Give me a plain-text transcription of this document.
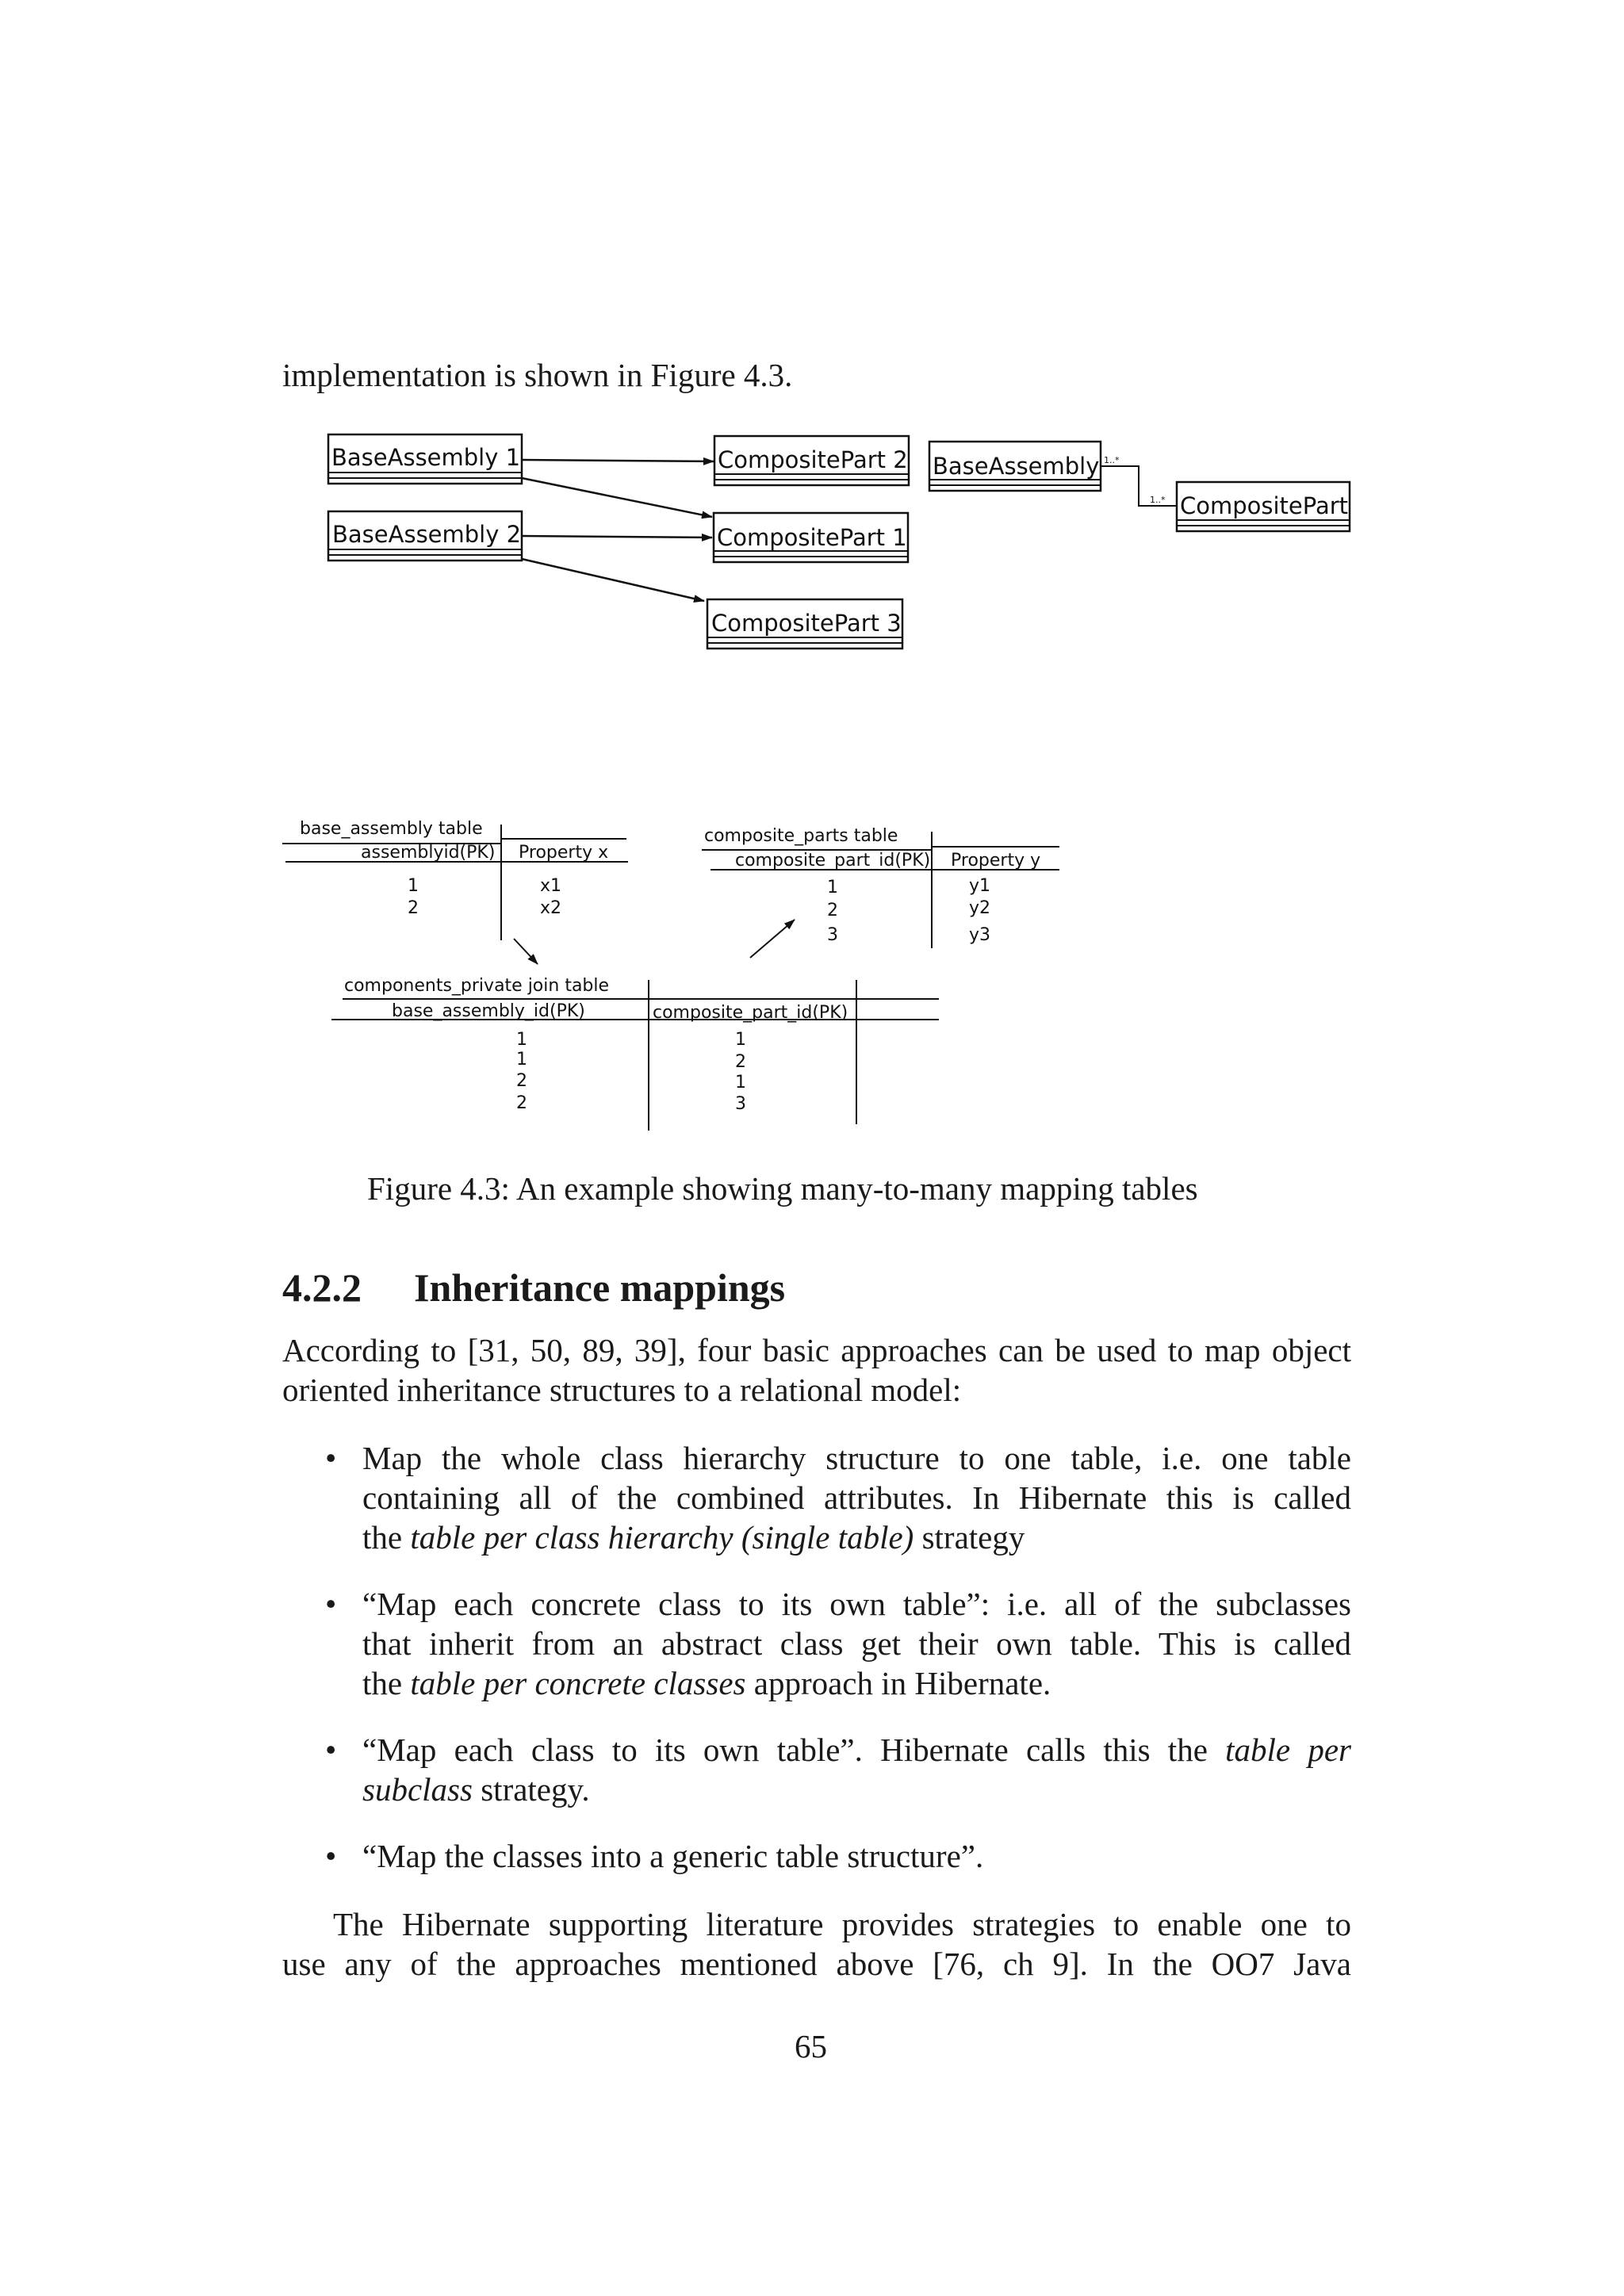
implementation is shown in Figure 4.3.
BaseAssembly 1
BaseAssembly 2
CompositePart 2
CompositePart 1
CompositePart 3
BaseAssembly
CompositePart
1..*
1..*
base_assembly table
assemblyid(PK) Property x
1
2
x1
x2
composite_parts table
composite_part_id(PK) Property y
1
2
3
y1
y2
y3
components_private join table
base_assembly_id(PK)	composite_part_id(PK)
1
1
2
2
1
2
1
3
Figure 4.3: An example showing many-to-many mapping tables
4.2.2 Inheritance mappings
According to [31, 50, 89, 39], four basic approaches can be used to map object
oriented inheritance structures to a relational model:
• Map the whole class hierarchy structure to one table, i.e. one table
containing all of the combined attributes. In Hibernate this is called
the table per class hierarchy (single table) strategy
• “Map each concrete class to its own table”: i.e. all of the subclasses
that inherit from an abstract class get their own table. This is called
the table per concrete classes approach in Hibernate.
• “Map each class to its own table”. Hibernate calls this the table per
subclass strategy.
• “Map the classes into a generic table structure”.
The Hibernate supporting literature provides strategies to enable one to
use any of the approaches mentioned above [76, ch 9]. In the OO7 Java
65
